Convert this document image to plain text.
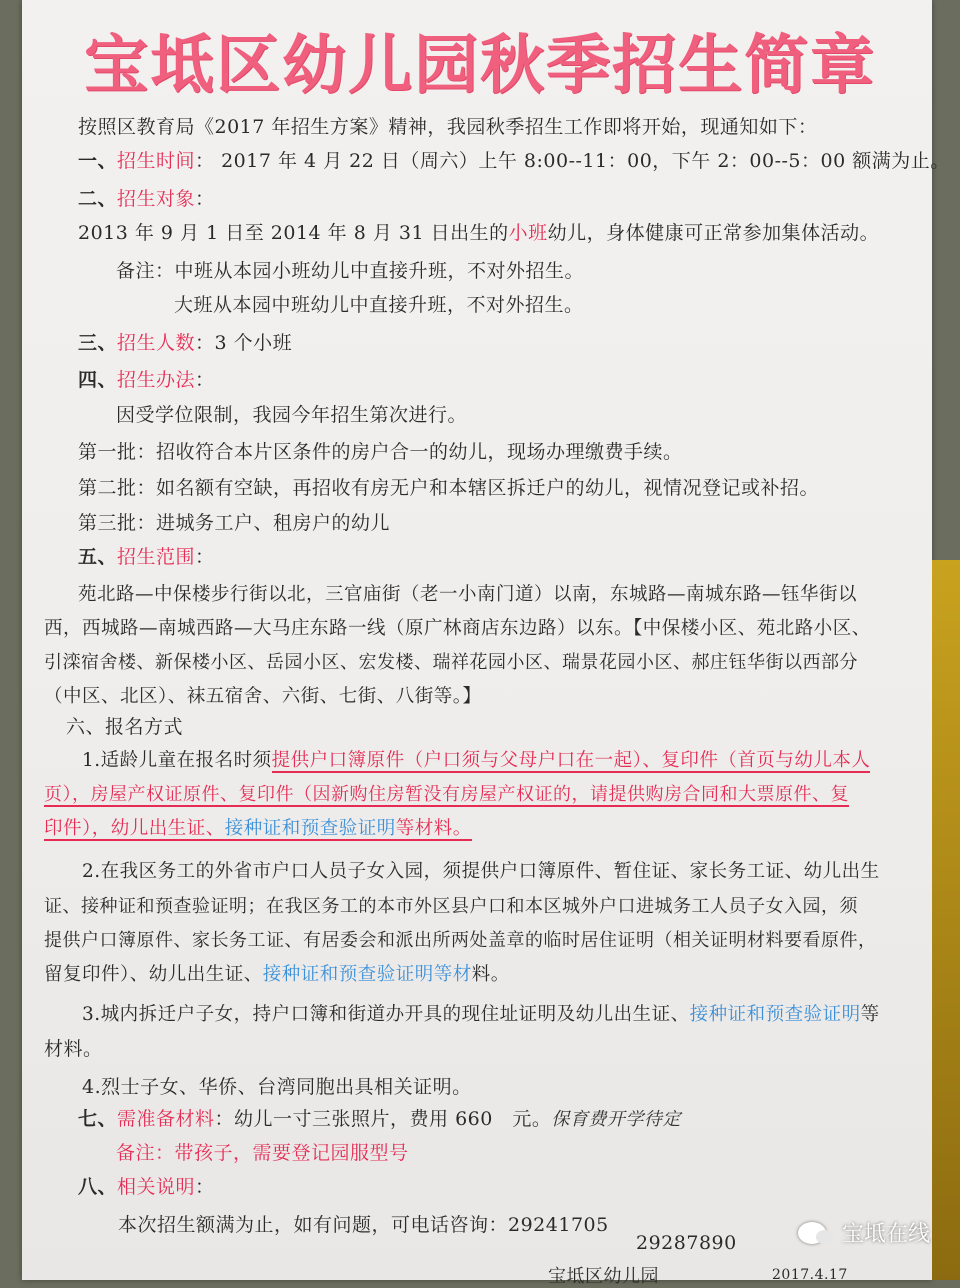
宝坻区幼儿园秋季招生简章
按照区教育局《2017 年招生方案》精神，我园秋季招生工作即将开始，现通知如下：
一、招生时间： 2017 年 4 月 22 日（周六）上午 8:00--11：00，下午 2：00--5：00 额满为止。
二、招生对象：
2013 年 9 月 1 日至 2014 年 8 月 31 日出生的小班幼儿，身体健康可正常参加集体活动。
备注：中班从本园小班幼儿中直接升班，不对外招生。
大班从本园中班幼儿中直接升班，不对外招生。
三、招生人数：3 个小班
四、招生办法：
因受学位限制，我园今年招生第次进行。
第一批：招收符合本片区条件的房户合一的幼儿，现场办理缴费手续。
第二批：如名额有空缺，再招收有房无户和本辖区拆迁户的幼儿，视情况登记或补招。
第三批：进城务工户、租房户的幼儿
五、招生范围：
苑北路—中保楼步行街以北，三官庙街（老一小南门道）以南，东城路—南城东路—钰华街以
西，西城路—南城西路—大马庄东路一线（原广林商店东边路）以东。【中保楼小区、苑北路小区、
引滦宿舍楼、新保楼小区、岳园小区、宏发楼、瑞祥花园小区、瑞景花园小区、郝庄钰华街以西部分
（中区、北区）、袜五宿舍、六街、七街、八街等。】
六、报名方式
1.适龄儿童在报名时须提供户口簿原件（户口须与父母户口在一起）、复印件（首页与幼儿本人
页），房屋产权证原件、复印件（因新购住房暂没有房屋产权证的，请提供购房合同和大票原件、复
印件），幼儿出生证、接种证和预查验证明等材料。
2.在我区务工的外省市户口人员子女入园，须提供户口簿原件、暂住证、家长务工证、幼儿出生
证、接种证和预查验证明；在我区务工的本市外区县户口和本区城外户口进城务工人员子女入园，须
提供户口簿原件、家长务工证、有居委会和派出所两处盖章的临时居住证明（相关证明材料要看原件，
留复印件）、幼儿出生证、接种证和预查验证明等材料。
3.城内拆迁户子女，持户口簿和街道办开具的现住址证明及幼儿出生证、接种证和预查验证明等
材料。
4.烈士子女、华侨、台湾同胞出具相关证明。
七、需准备材料：幼儿一寸三张照片，费用 660　元。保育费开学待定
备注：带孩子，需要登记园服型号
八、相关说明：
本次招生额满为止，如有问题，可电话咨询：29241705
29287890
宝坻区幼儿园	2017.4.17
宝坻在线
